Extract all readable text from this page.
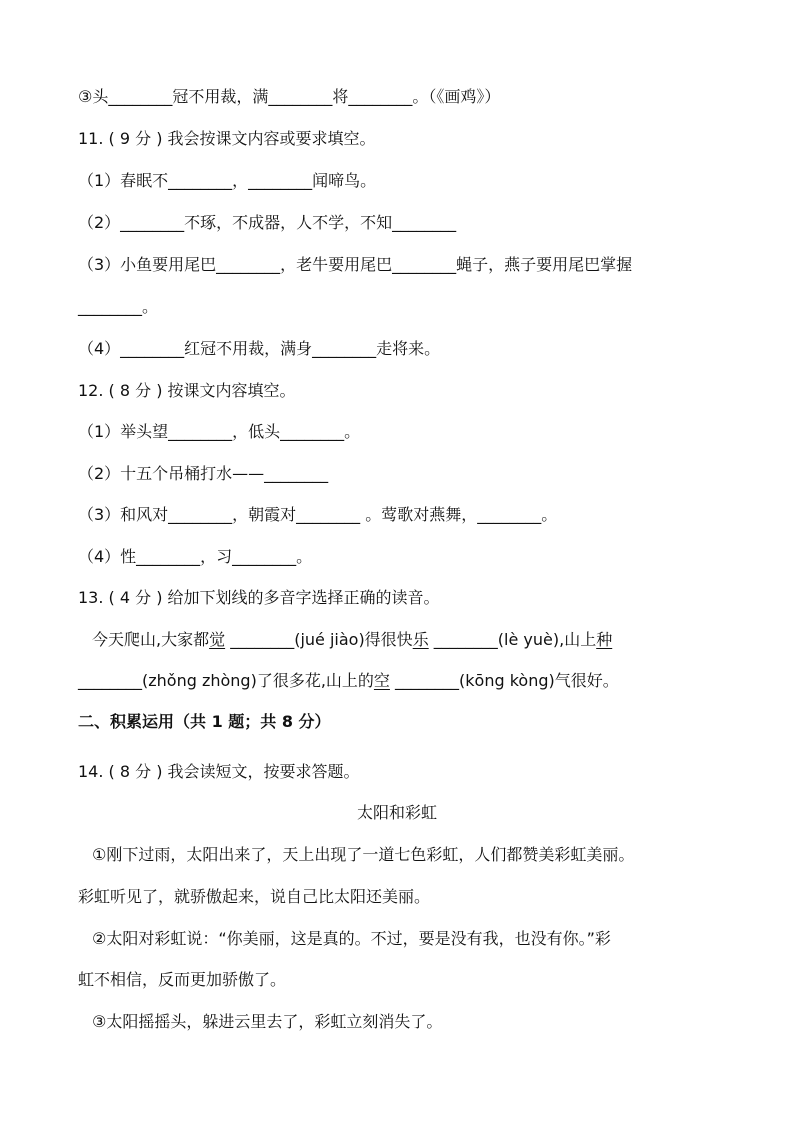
③头________冠不用裁，满________将________。（《画鸡》）
11. ( 9 分 ) 我会按课文内容或要求填空。
（1）春眠不________，________闻啼鸟。
（2）________不琢，不成器，人不学，不知________
（3）小鱼要用尾巴________，老牛要用尾巴________蝇子，燕子要用尾巴掌握
________。
（4）________红冠不用裁，满身________走将来。
12. ( 8 分 ) 按课文内容填空。
（1）举头望________，低头________。
（2）十五个吊桶打水——________
（3）和风对________，朝霞对________ 。莺歌对燕舞，________。
（4）性________，习________。
13. ( 4 分 ) 给加下划线的多音字选择正确的读音。
今天爬山,大家都觉 ________(jué jiào)得很快乐 ________(lè yuè),山上种
________(zhǒng zhòng)了很多花,山上的空 ________(kōng kòng)气很好。
二、积累运用（共 1 题；共 8 分）
14. ( 8 分 ) 我会读短文，按要求答题。
太阳和彩虹
①刚下过雨，太阳出来了，天上出现了一道七色彩虹，人们都赞美彩虹美丽。
彩虹听见了，就骄傲起来，说自己比太阳还美丽。
②太阳对彩虹说：“你美丽，这是真的。不过，要是没有我，也没有你。”彩
虹不相信，反而更加骄傲了。
③太阳摇摇头，躲进云里去了，彩虹立刻消失了。
